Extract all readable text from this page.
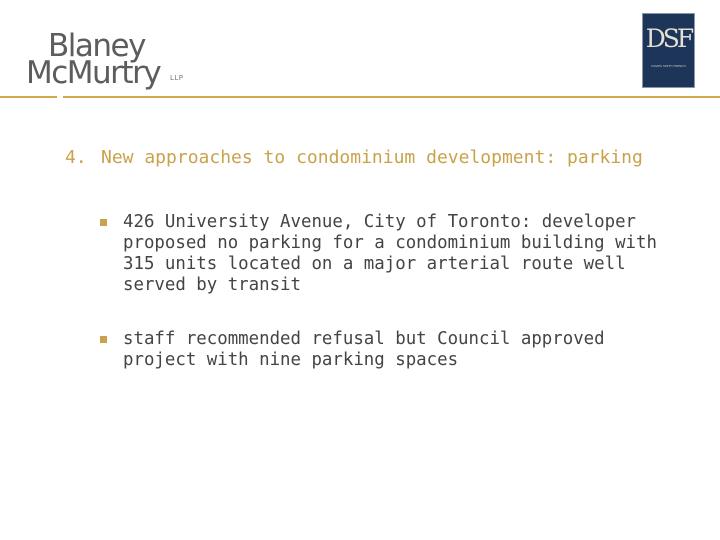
Blaney
McMurtry LLP
DSF
DAVIES SMITH FRENCH
4. New approaches to condominium development: parking
426 University Avenue, City of Toronto: developer proposed no parking for a condominium building with 315 units located on a major arterial route well served by transit
staff recommended refusal but Council approved project with nine parking spaces
